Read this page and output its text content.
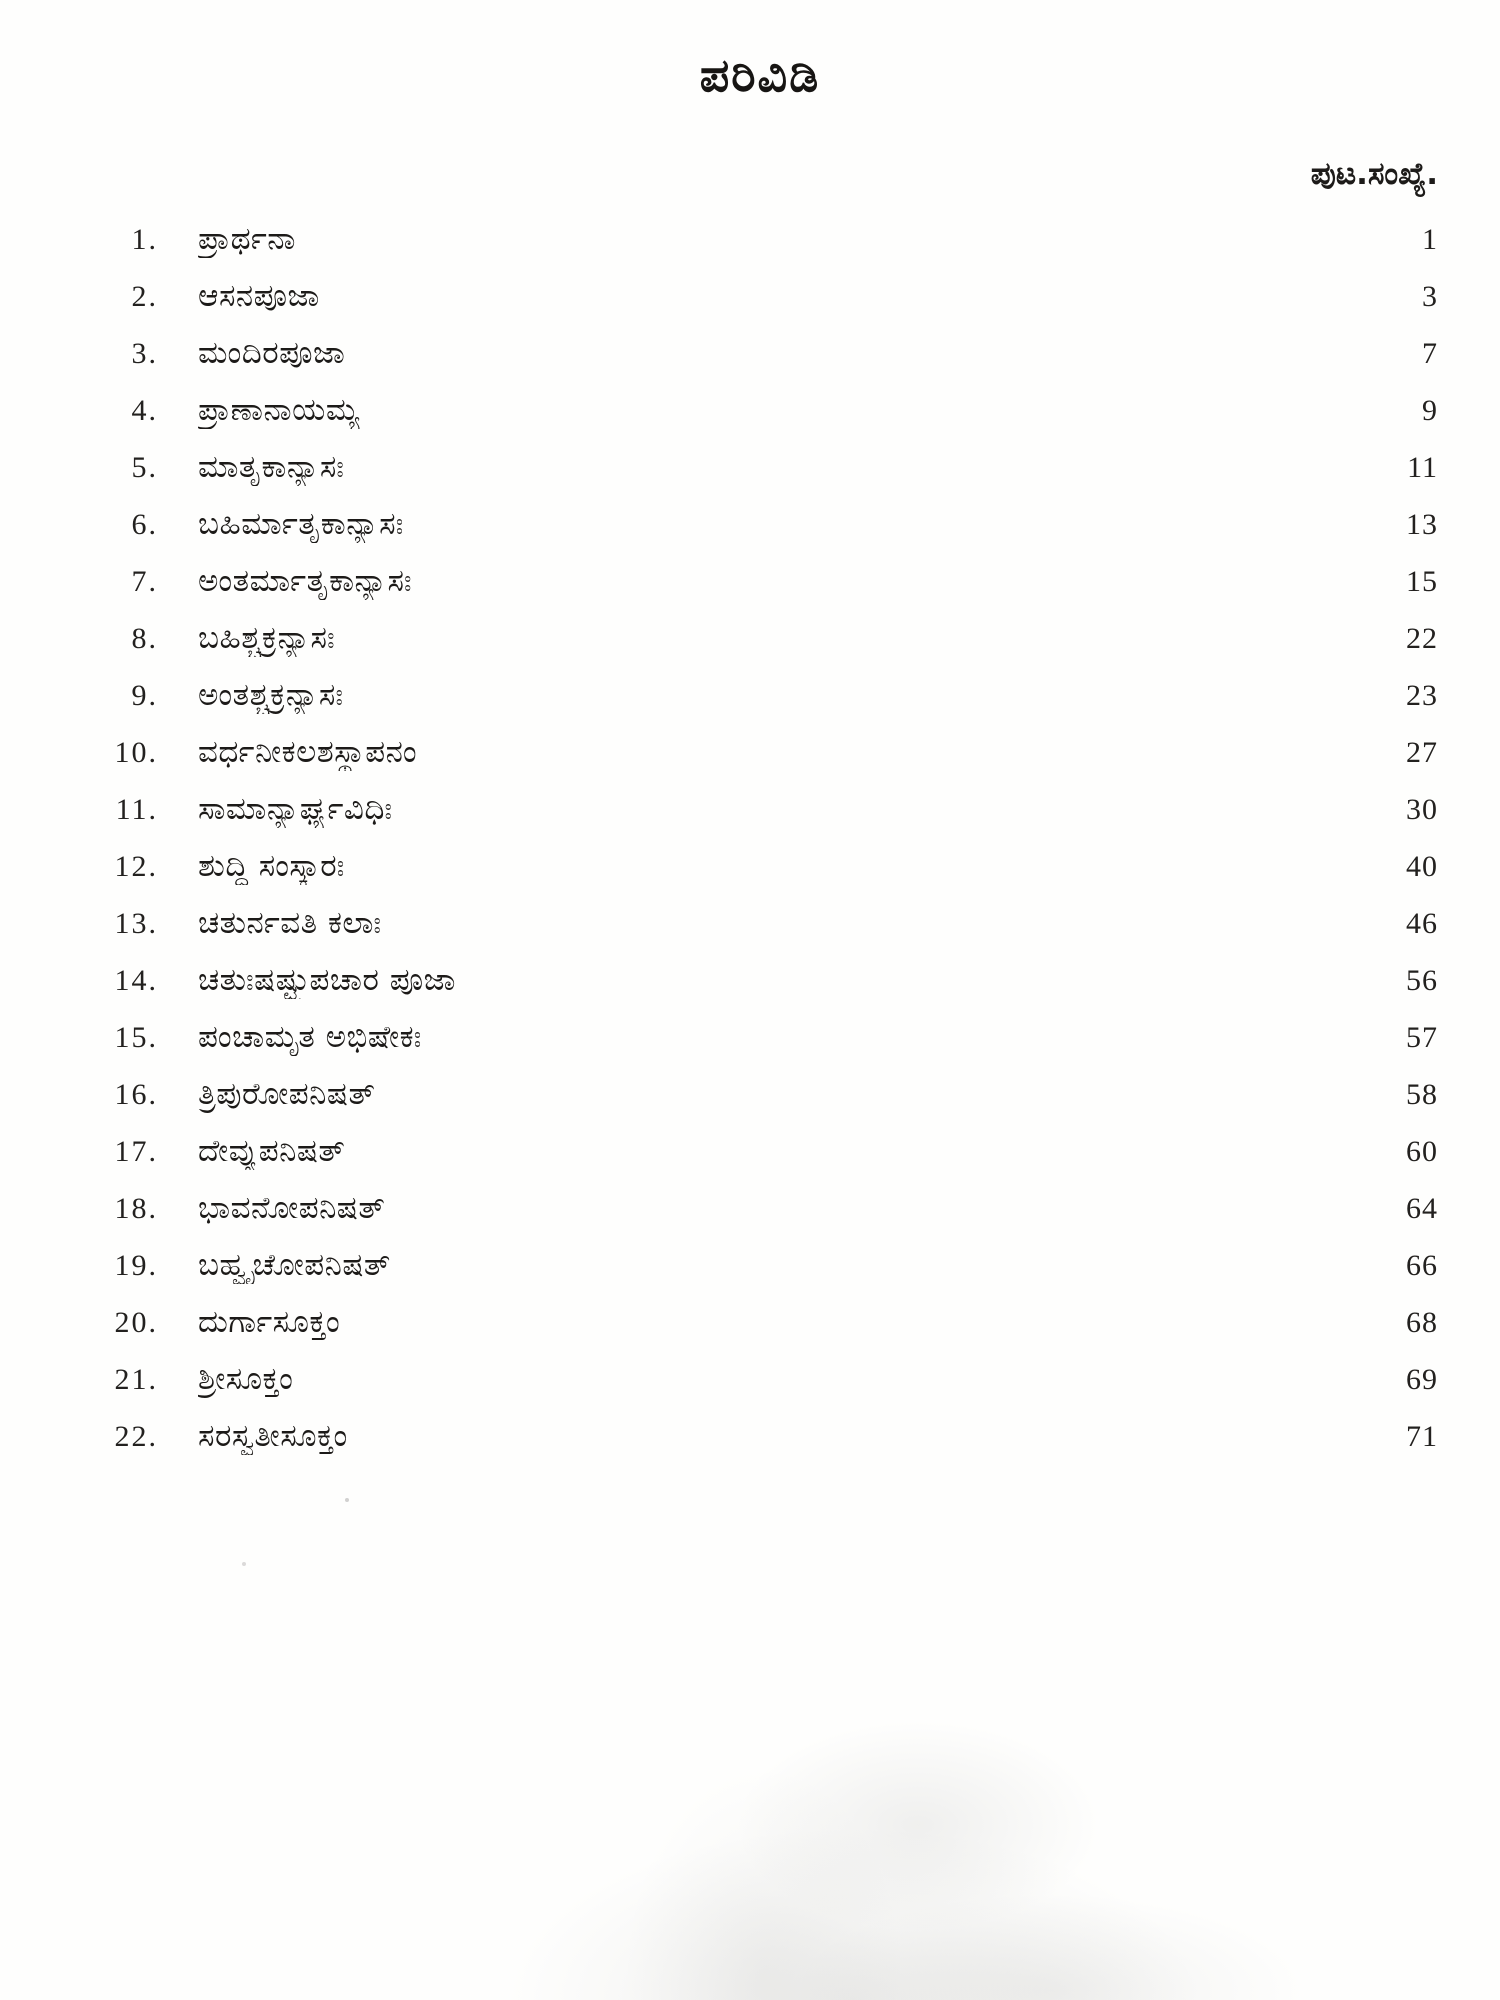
ಪರಿವಿಡಿ
ಪುಟ.ಸಂಖ್ಯೆ.
1. ಪ್ರಾರ್ಥನಾ	1
2. ಆಸನಪೂಜಾ	3
3. ಮಂದಿರಪೂಜಾ	7
4. ಪ್ರಾಣಾನಾಯಮ್ಯ	9
5. ಮಾತೃಕಾನ್ಯಾಸಃ	11
6. ಬಹಿರ್ಮಾತೃಕಾನ್ಯಾಸಃ	13
7. ಅಂತರ್ಮಾತೃಕಾನ್ಯಾಸಃ	15
8. ಬಹಿಶ್ಚಕ್ರನ್ಯಾಸಃ	22
9. ಅಂತಶ್ಚಕ್ರನ್ಯಾಸಃ	23
10. ವರ್ಧನೀಕಲಶಸ್ಥಾಪನಂ	27
11. ಸಾಮಾನ್ಯಾರ್ಘ್ಯವಿಧಿಃ	30
12. ಶುದ್ಧಿ ಸಂಸ್ಕಾರಃ	40
13. ಚತುರ್ನವತಿ ಕಲಾಃ	46
14. ಚತುಃಷಷ್ಟ್ಯುಪಚಾರ ಪೂಜಾ	56
15. ಪಂಚಾಮೃತ ಅಭಿಷೇಕಃ	57
16. ತ್ರಿಪುರೋಪನಿಷತ್	58
17. ದೇವ್ಯುಪನಿಷತ್	60
18. ಭಾವನೋಪನಿಷತ್	64
19. ಬಹ್ವೃಚೋಪನಿಷತ್	66
20. ದುರ್ಗಾಸೂಕ್ತಂ	68
21. ಶ್ರೀಸೂಕ್ತಂ	69
22. ಸರಸ್ವತೀಸೂಕ್ತಂ	71
